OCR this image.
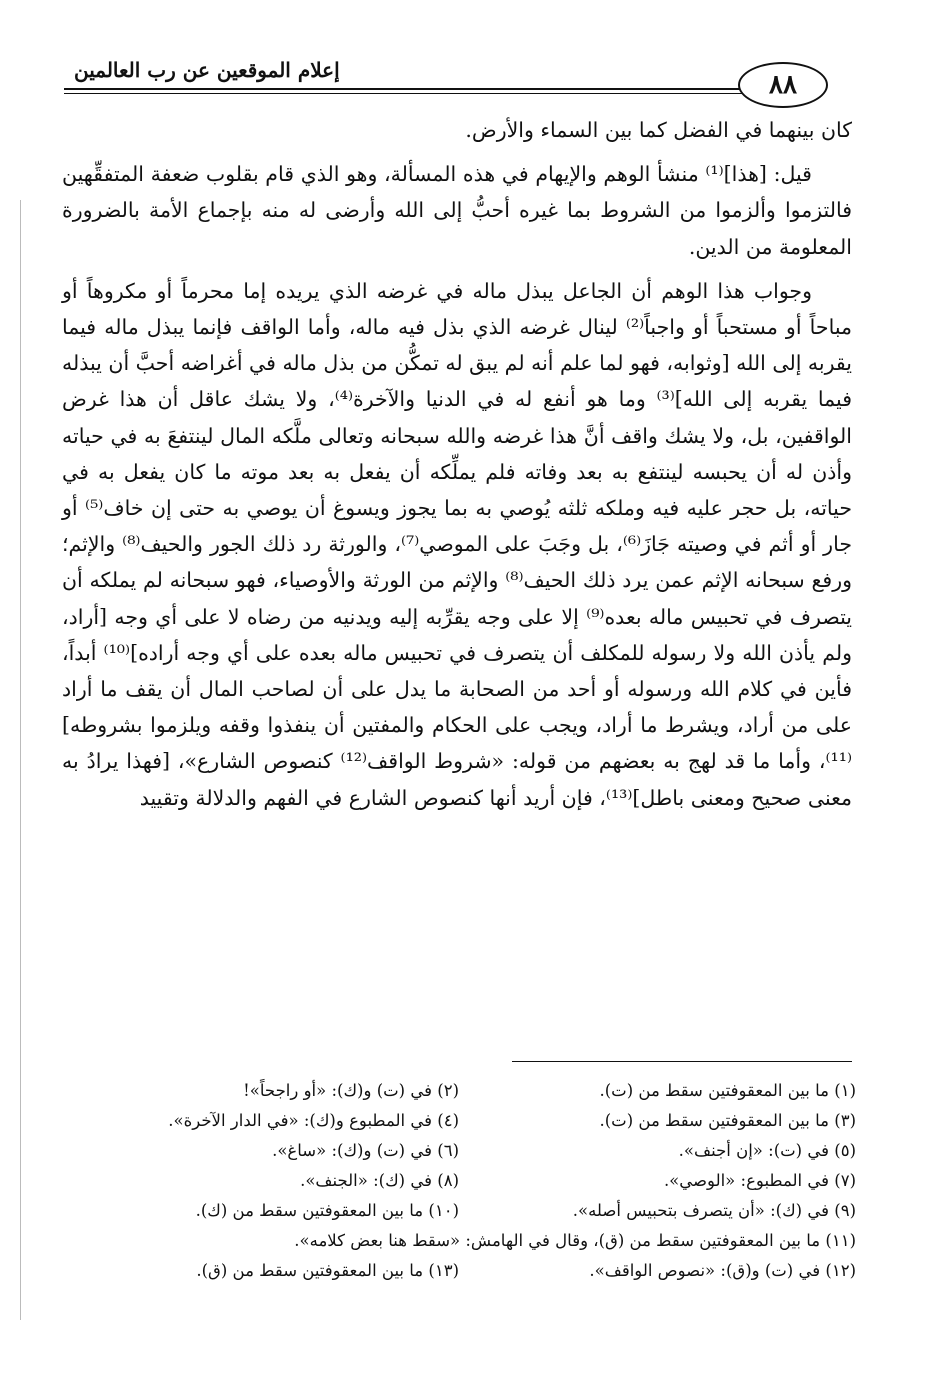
إعلام الموقعين عن رب العالمين	٨٨

كان بينهما في الفضل كما بين السماء والأرض.

قيل: [هذا]⁽¹⁾ منشأ الوهم والإيهام في هذه المسألة، وهو الذي قام بقلوب ضعفة المتفقِّهين فالتزموا وألزموا من الشروط بما غيره أحبُّ إلى الله وأرضى له منه بإجماع الأمة بالضرورة المعلومة من الدين.

وجواب هذا الوهم أن الجاعل يبذل ماله في غرضه الذي يريده إما محرماً أو مكروهاً أو مباحاً أو مستحباً أو واجباً⁽²⁾ لينال غرضه الذي بذل فيه ماله، وأما الواقف فإنما يبذل ماله فيما يقربه إلى الله [وثوابه، فهو لما علم أنه لم يبق له تمكُّن من بذل ماله في أغراضه أحبَّ أن يبذله فيما يقربه إلى الله]⁽³⁾ وما هو أنفع له في الدنيا والآخرة⁽⁴⁾، ولا يشك عاقل أن هذا غرض الواقفين، بل، ولا يشك واقف أنَّ هذا غرضه والله سبحانه وتعالى ملَّكه المال لينتفعَ به في حياته وأذن له أن يحبسه لينتفع به بعد وفاته فلم يملِّكه أن يفعل به بعد موته ما كان يفعل به في حياته، بل حجر عليه فيه وملكه ثلثه يُوصي به بما يجوز ويسوغ أن يوصي به حتى إن خاف⁽⁵⁾ أو جار أو أثم في وصيته جَازَ⁽⁶⁾، بل وجَبَ على الموصي⁽⁷⁾، والورثة رد ذلك الجور والحيف⁽⁸⁾ والإثم؛ ورفع سبحانه الإثم عمن يرد ذلك الحيف⁽⁸⁾ والإثم من الورثة والأوصياء، فهو سبحانه لم يملكه أن يتصرف في تحبيس ماله بعده⁽⁹⁾ إلا على وجه يقرِّبه إليه ويدنيه من رضاه لا على أي وجه [أراد، ولم يأذن الله ولا رسوله للمكلف أن يتصرف في تحبيس ماله بعده على أي وجه أراده]⁽¹⁰⁾ أبداً، فأين في كلام الله ورسوله أو أحد من الصحابة ما يدل على أن لصاحب المال أن يقف ما أراد على من أراد، ويشرط ما أراد، ويجب على الحكام والمفتين أن ينفذوا وقفه ويلزموا بشروطه]⁽¹¹⁾، وأما ما قد لهج به بعضهم من قوله: «شروط الواقف⁽¹²⁾ كنصوص الشارع»، [فهذا يرادُ به معنى صحيح ومعنى باطل]⁽¹³⁾، فإن أريد أنها كنصوص الشارع في الفهم والدلالة وتقييد

(١) ما بين المعقوفتين سقط من (ت).
(٢) في (ت) و(ك): «أو راجحاً»!
(٣) ما بين المعقوفتين سقط من (ت).
(٤) في المطبوع و(ك): «في الدار الآخرة».
(٥) في (ت): «إن أجنف».
(٦) في (ت) و(ك): «ساغ».
(٧) في المطبوع: «الوصي».
(٨) في (ك): «الجنف».
(٩) في (ك): «أن يتصرف بتحبيس أصله».
(١٠) ما بين المعقوفتين سقط من (ك).
(١١) ما بين المعقوفتين سقط من (ق)، وقال في الهامش: «سقط هنا بعض كلامه».
(١٢) في (ت) و(ق): «نصوص الواقف».
(١٣) ما بين المعقوفتين سقط من (ق).
